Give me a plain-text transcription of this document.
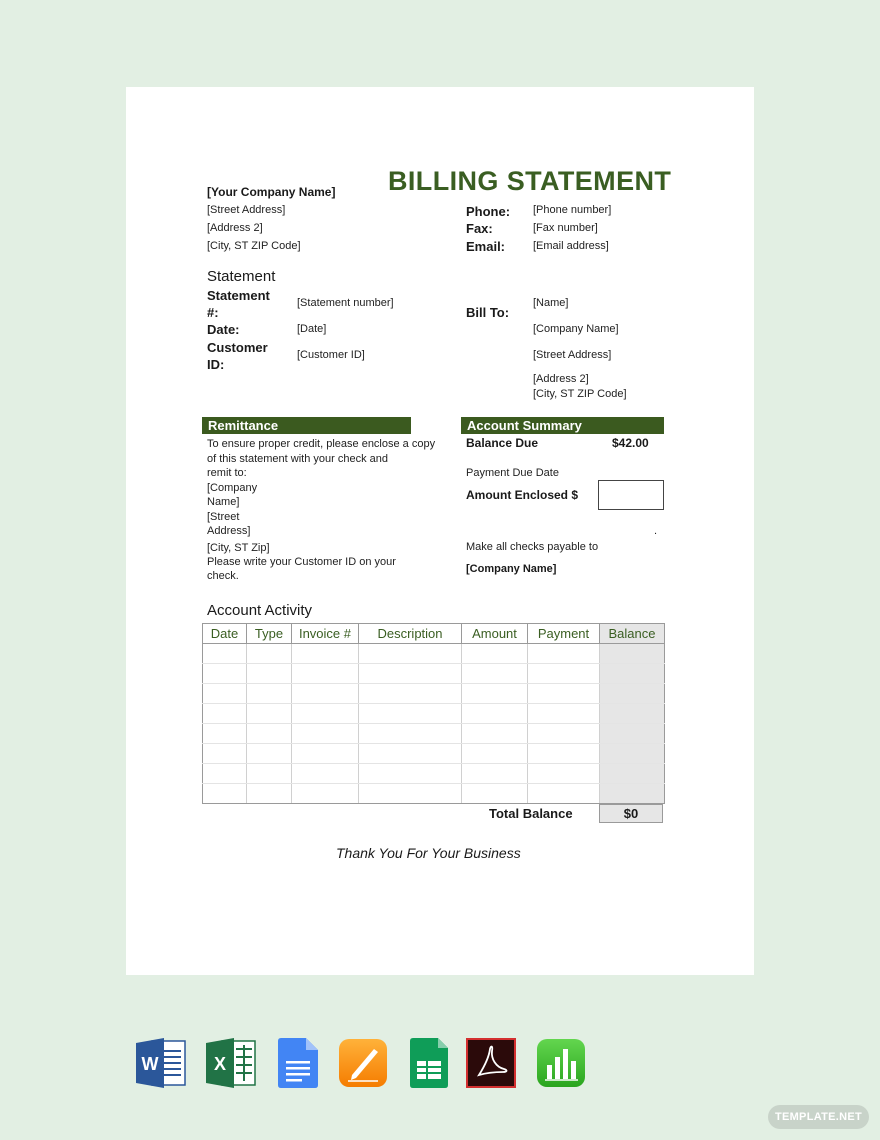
BILLING STATEMENT
[Your Company Name]
[Street Address]
[Address 2]
[City, ST ZIP Code]
Phone: [Phone number]
Fax:	[Fax number]
Email:	[Email address]
Statement
Statement
#:
[Statement number]
Date:	[Date]
Customer
ID:
[Customer ID]
Bill To:
[Name]
[Company Name]
[Street Address]
[Address 2]
[City, ST ZIP Code]
Remittance
To ensure proper credit, please enclose a copy
of this statement with your check and
remit to:
[Company
Name]
[Street
Address]
[City, ST Zip]
Please write your Customer ID on your
check.
Account Summary
Balance Due	$42.00
Payment Due Date
Amount Enclosed $
.
Make all checks payable to
[Company Name]
Account Activity
Date	Type	Invoice #	Description	Amount	Payment	Balance

Total Balance	$0
Thank You For Your Business
W	X
TEMPLATE.NET
